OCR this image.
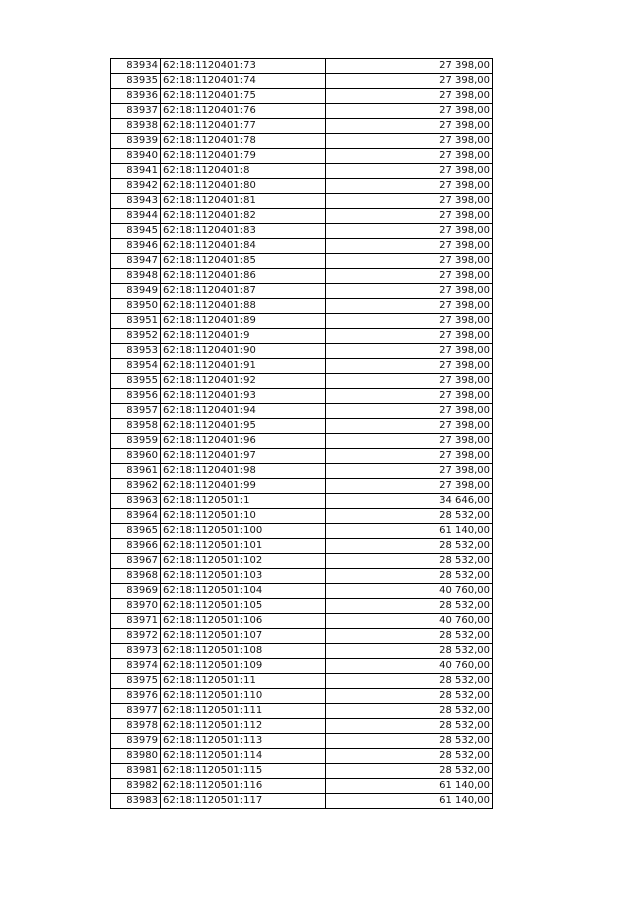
83934	62:18:1120401:73	27 398,00
83935	62:18:1120401:74	27 398,00
83936	62:18:1120401:75	27 398,00
83937	62:18:1120401:76	27 398,00
83938	62:18:1120401:77	27 398,00
83939	62:18:1120401:78	27 398,00
83940	62:18:1120401:79	27 398,00
83941	62:18:1120401:8	27 398,00
83942	62:18:1120401:80	27 398,00
83943	62:18:1120401:81	27 398,00
83944	62:18:1120401:82	27 398,00
83945	62:18:1120401:83	27 398,00
83946	62:18:1120401:84	27 398,00
83947	62:18:1120401:85	27 398,00
83948	62:18:1120401:86	27 398,00
83949	62:18:1120401:87	27 398,00
83950	62:18:1120401:88	27 398,00
83951	62:18:1120401:89	27 398,00
83952	62:18:1120401:9	27 398,00
83953	62:18:1120401:90	27 398,00
83954	62:18:1120401:91	27 398,00
83955	62:18:1120401:92	27 398,00
83956	62:18:1120401:93	27 398,00
83957	62:18:1120401:94	27 398,00
83958	62:18:1120401:95	27 398,00
83959	62:18:1120401:96	27 398,00
83960	62:18:1120401:97	27 398,00
83961	62:18:1120401:98	27 398,00
83962	62:18:1120401:99	27 398,00
83963	62:18:1120501:1	34 646,00
83964	62:18:1120501:10	28 532,00
83965	62:18:1120501:100	61 140,00
83966	62:18:1120501:101	28 532,00
83967	62:18:1120501:102	28 532,00
83968	62:18:1120501:103	28 532,00
83969	62:18:1120501:104	40 760,00
83970	62:18:1120501:105	28 532,00
83971	62:18:1120501:106	40 760,00
83972	62:18:1120501:107	28 532,00
83973	62:18:1120501:108	28 532,00
83974	62:18:1120501:109	40 760,00
83975	62:18:1120501:11	28 532,00
83976	62:18:1120501:110	28 532,00
83977	62:18:1120501:111	28 532,00
83978	62:18:1120501:112	28 532,00
83979	62:18:1120501:113	28 532,00
83980	62:18:1120501:114	28 532,00
83981	62:18:1120501:115	28 532,00
83982	62:18:1120501:116	61 140,00
83983	62:18:1120501:117	61 140,00
